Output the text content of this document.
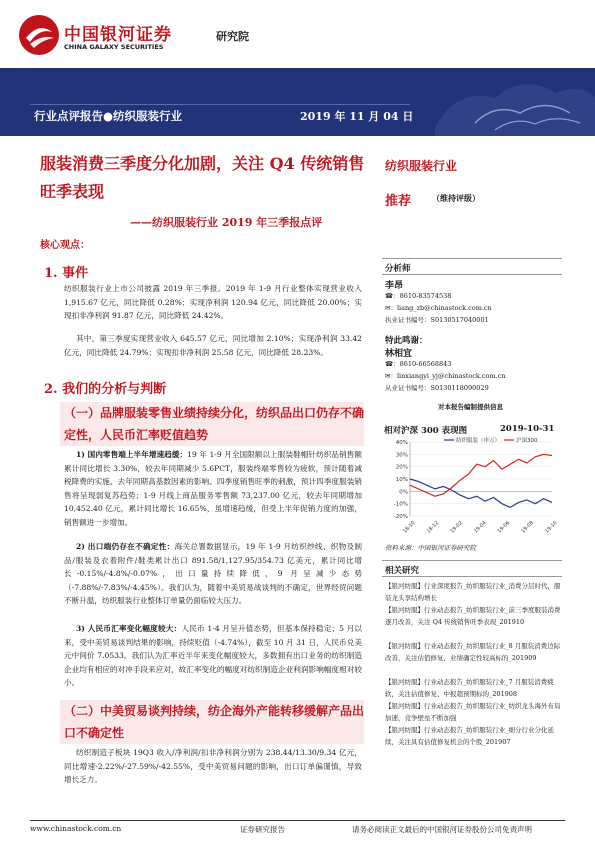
中国银河证券
CHINA GALAXY SECURITIES
研究院
行业点评报告●纺织服装行业	2019 年 11 月 04 日
服装消费三季度分化加剧，关注 Q4 传统销售旺季表现
——纺织服装行业 2019 年三季报点评
核心观点：
1. 事件
纺织服装行业上市公司披露 2019 年三季报。2019 年 1-9 月行业整体实现营业收入 1,915.67 亿元，同比降低 0.28%；实现净利润 120.94 亿元，同比降低 20.00%；实现扣非净利润 91.87 亿元，同比降低 24.42%。
其中，第三季度实现营业收入 645.57 亿元，同比增加 2.10%；实现净利润 33.42 亿元，同比降低 24.79%；实现扣非净利润 25.58 亿元，同比降低 28.23%。
2. 我们的分析与判断
（一）品牌服装零售业绩持续分化，纺织品出口仍存不确定性，人民币汇率贬值趋势
1) 国内零售端上半年增速趋缓：19 年 1-9 月全国限额以上服装鞋帽针纺织品销售额累计同比增长 3.30%，较去年同期减少 5.6PCT，服装终端零售较为疲软，预计随着减税降费的实施、去年同期高基数因素的影响、四季度销售旺季的刺激，预计四季度服装销售将呈现弱复苏趋势；1-9 月线上商品服务零售额 73,237.00 亿元，较去年同期增加 10,452.40 亿元，累计同比增长 16.65%，虽增速趋缓，但受上半年促销力度的加强，销售额进一步增加。
2) 出口端仍存在不确定性：海关总署数据显示，19 年 1-9 月纺织纱线、织物及制品/服装及衣着附件/鞋类累计出口 891.58/1,127.95/354.73 亿美元，累计同比增长-0.15%/-4.8%/-0.07%，出口量持续降低，9 月呈减少态势（-7.88%/-7.83%/-4.45%）。我们认为，随着中美贸易战谈判的不确定，世界经贸问题不断升温，纺织服装行业整体订单量仍面临较大压力。
3) 人民币汇率变化幅度较大：人民币 1-4 月呈升值态势，但基本保持稳定；5 月以来，受中美贸易谈判结果的影响，持续贬值（-4.74%），截至 10 月 31 日，人民币兑美元中间价 7.0533。我们认为汇率近半年来变化幅度较大，多数拥有出口业务的纺织制造企业均有相应的对冲手段来应对，故汇率变化的幅度对纺织制造企业利润影响幅度相对较小。
（二）中美贸易谈判持续，纺企海外产能转移缓解产品出口不确定性
纺织制造子板块 19Q3 收入/净利润/扣非净利润分别为 238.44/13.30/9.34 亿元，同比增速-2.22%/-27.59%/-42.55%，受中美贸易问题的影响，出口订单偏谨慎，导致增长乏力。
纺织服装行业
推荐	（维持评级）
分析师
李昂
☎：8610-83574538
✉：liang_zb@chinastock.com.cn
执业证书编号：S0130517040001
特此鸣谢：
林相宜
☎：8610-66568843
✉：linxiangyi_yj@chinastock.com.cn
从业证书编号：S0130118090029
对本报告编制提供信息
相对沪深 300 表现图	2019-10-31
40%
30%
20%
10%
0%
-10%
-20%
18-10 18-12 19-02 19-04 19-06 19-08 19-10
纺织服装（申万）	沪深300
资料来源：中国银河证券研究院
相关研究
【银河纺服】行业深度报告_纺织服装行业_消费分层时代，服装龙头享结构增长
【银河纺服】行业动态报告_纺织服装行业_前三季度服装消费逐月改善，关注 Q4 传统销售旺季表现_201910
【银河纺服】行业动态报告_纺织服装行业_8 月服装消费边际改善，关注估值修复，业绩确定性较高标的_201909
【银河纺服】行业动态报告_纺织服装行业_7 月服装消费疲软，关注估值修复、中报超预期标的_201908
【银河纺服】行业动态报告_纺织服装行业_纺织龙头海外布局加速，竞争壁垒不断加强
【银河纺服】行业动态报告_纺织服装行业_细分行业分化延续，关注具有估值修复机会的个股_201907
www.chinastock.com.cn	证券研究报告	请务必阅读正文最后的中国银河证券股份公司免责声明
